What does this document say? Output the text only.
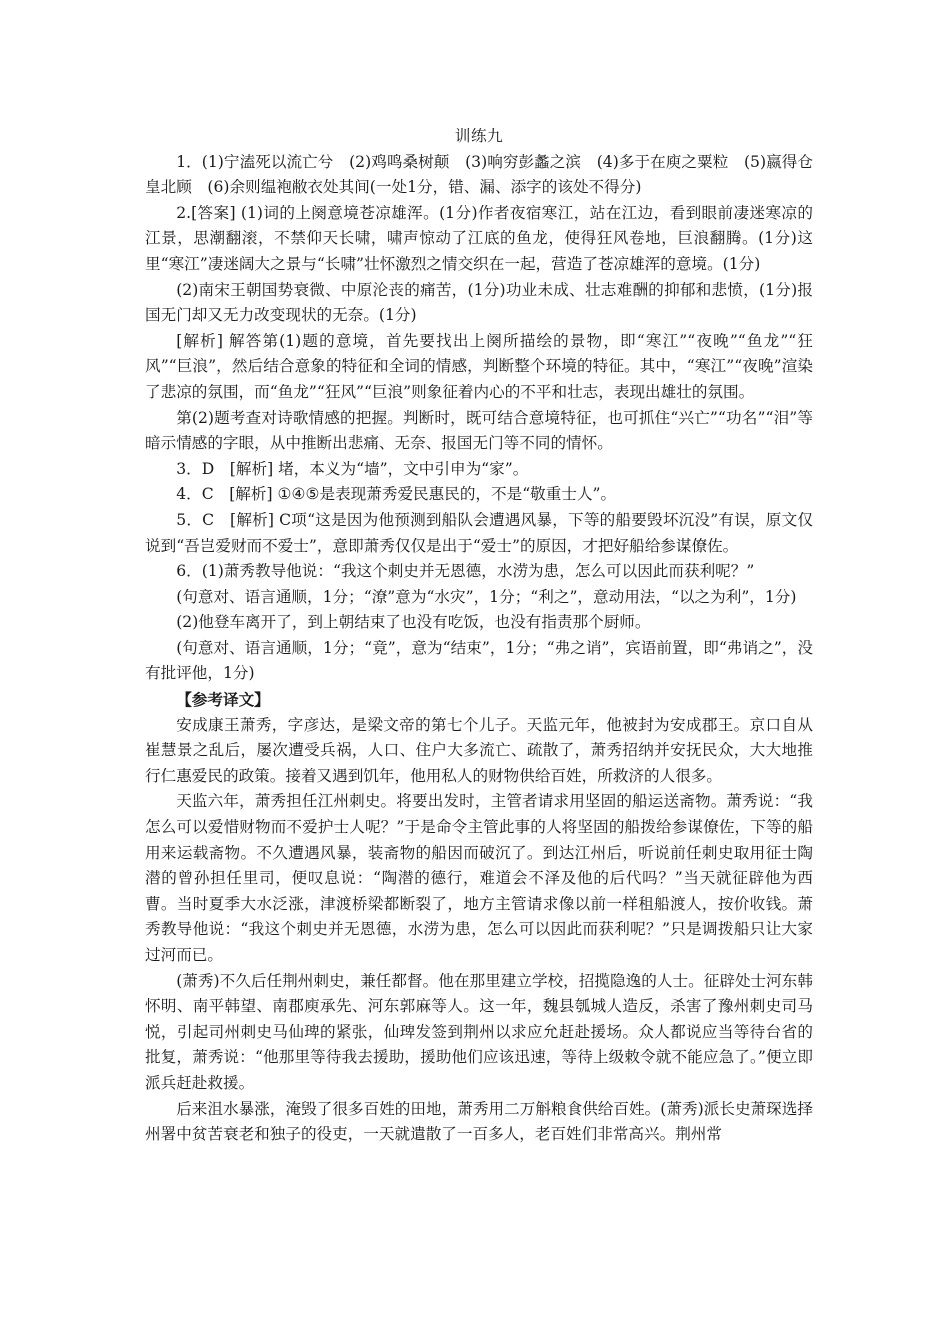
训练九
1．(1)宁溘死以流亡兮　(2)鸡鸣桑树颠　(3)响穷彭蠡之滨　(4)多于在庾之粟粒　(5)嬴得仓皇北顾　(6)余则缊袍敝衣处其间(一处1分，错、漏、添字的该处不得分)
2.[答案] (1)词的上阕意境苍凉雄浑。(1分)作者夜宿寒江，站在江边，看到眼前凄迷寒凉的江景，思潮翻滚，不禁仰天长啸，啸声惊动了江底的鱼龙，使得狂风卷地，巨浪翻腾。(1分)这里“寒江”凄迷阔大之景与“长啸”壮怀激烈之情交织在一起，营造了苍凉雄浑的意境。(1分)
(2)南宋王朝国势衰微、中原沦丧的痛苦，(1分)功业未成、壮志难酬的抑郁和悲愤，(1分)报国无门却又无力改变现状的无奈。(1分)
[解析] 解答第(1)题的意境，首先要找出上阕所描绘的景物，即“寒江”“夜晚”“鱼龙”“狂风”“巨浪”，然后结合意象的特征和全词的情感，判断整个环境的特征。其中，“寒江”“夜晚”渲染了悲凉的氛围，而“鱼龙”“狂风”“巨浪”则象征着内心的不平和壮志，表现出雄壮的氛围。
第(2)题考查对诗歌情感的把握。判断时，既可结合意境特征，也可抓住“兴亡”“功名”“泪”等暗示情感的字眼，从中推断出悲痛、无奈、报国无门等不同的情怀。
3．D　[解析] 堵，本义为“墙”，文中引申为“家”。
4．C　[解析] ①④⑤是表现萧秀爱民惠民的，不是“敬重士人”。
5．C　[解析] C项“这是因为他预测到船队会遭遇风暴，下等的船要毁坏沉没”有误，原文仅说到“吾岂爱财而不爱士”，意即萧秀仅仅是出于“爱士”的原因，才把好船给参谋僚佐。
6．(1)萧秀教导他说：“我这个刺史并无恩德，水涝为患，怎么可以因此而获利呢？”
(句意对、语言通顺，1分；“潦”意为“水灾”，1分；“利之”，意动用法，“以之为利”，1分)
(2)他登车离开了，到上朝结束了也没有吃饭，也没有指责那个厨师。
(句意对、语言通顺，1分；“竟”，意为“结束”，1分；“弗之诮”，宾语前置，即“弗诮之”，没有批评他，1分)
【参考译文】
安成康王萧秀，字彦达，是梁文帝的第七个儿子。天监元年，他被封为安成郡王。京口自从崔慧景之乱后，屡次遭受兵祸，人口、住户大多流亡、疏散了，萧秀招纳并安抚民众，大大地推行仁惠爱民的政策。接着又遇到饥年，他用私人的财物供给百姓，所救济的人很多。
天监六年，萧秀担任江州刺史。将要出发时，主管者请求用坚固的船运送斋物。萧秀说：“我怎么可以爱惜财物而不爱护士人呢？”于是命令主管此事的人将坚固的船拨给参谋僚佐，下等的船用来运载斋物。不久遭遇风暴，装斋物的船因而破沉了。到达江州后，听说前任刺史取用征士陶潜的曾孙担任里司，便叹息说：“陶潜的德行，难道会不泽及他的后代吗？”当天就征辟他为西曹。当时夏季大水泛涨，津渡桥梁都断裂了，地方主管请求像以前一样租船渡人，按价收钱。萧秀教导他说：“我这个刺史并无恩德，水涝为患，怎么可以因此而获利呢？”只是调拨船只让大家过河而已。
(萧秀)不久后任荆州刺史，兼任都督。他在那里建立学校，招揽隐逸的人士。征辟处士河东韩怀明、南平韩望、南郡庾承先、河东郭麻等人。这一年，魏县瓠城人造反，杀害了豫州刺史司马悦，引起司州刺史马仙琕的紧张，仙琕发签到荆州以求应允赶赴援场。众人都说应当等待台省的批复，萧秀说：“他那里等待我去援助，援助他们应该迅速，等待上级敕令就不能应急了。”便立即派兵赶赴救援。
后来沮水暴涨，淹毁了很多百姓的田地，萧秀用二万斛粮食供给百姓。(萧秀)派长史萧琛选择州署中贫苦衰老和独子的役吏，一天就遣散了一百多人，老百姓们非常高兴。荆州常
